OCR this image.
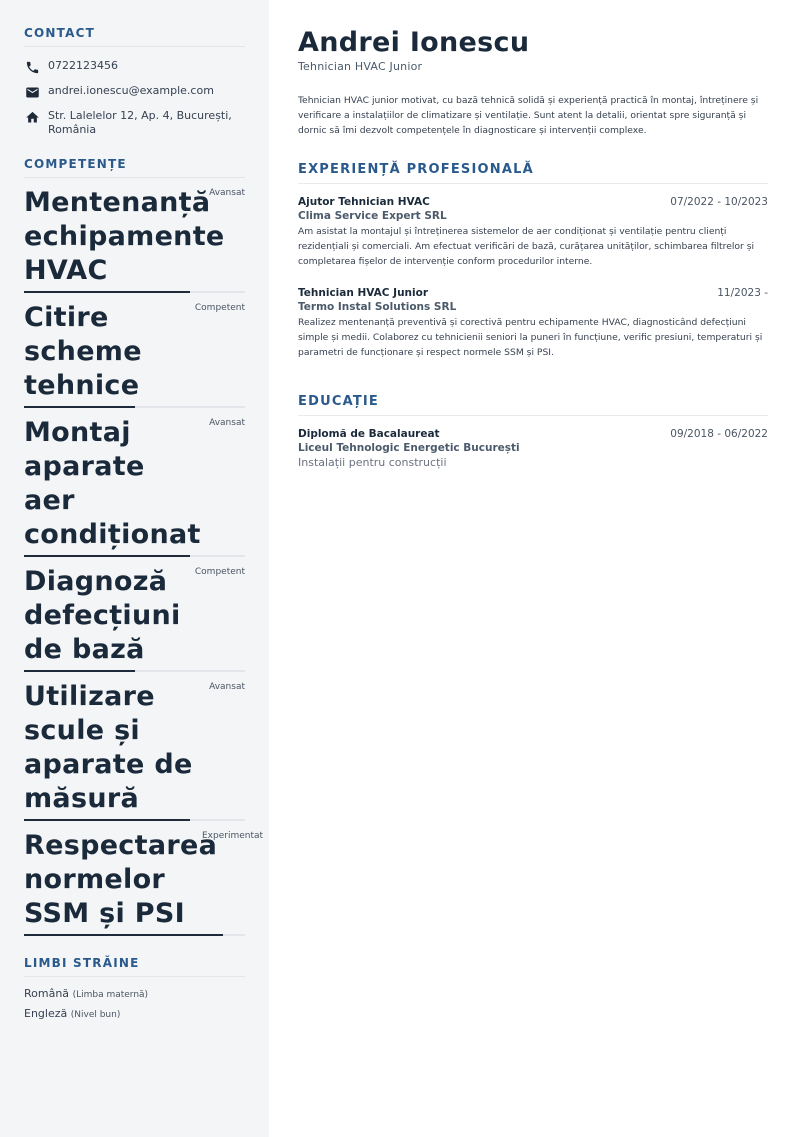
CONTACT
0722123456
andrei.ionescu@example.com
Str. Lalelelor 12, Ap. 4, București, România
COMPETENȚE
Mentenanță echipamente HVAC
Avansat
Citire scheme tehnice
Competent
Montaj aparate aer condiționat
Avansat
Diagnoză defecțiuni de bază
Competent
Utilizare scule și aparate de măsură
Avansat
Respectarea normelor SSM și PSI
Experimentat
LIMBI STRĂINE
Română (Limba maternă)
Engleză (Nivel bun)
Andrei Ionescu
Tehnician HVAC Junior
Tehnician HVAC junior motivat, cu bază tehnică solidă și experiență practică în montaj, întreținere și verificare a instalațiilor de climatizare și ventilație. Sunt atent la detalii, orientat spre siguranță și dornic să îmi dezvolt competențele în diagnosticare și intervenții complexe.
EXPERIENȚĂ PROFESIONALĂ
Ajutor Tehnician HVAC	07/2022 - 10/2023
Clima Service Expert SRL
Am asistat la montajul și întreținerea sistemelor de aer condiționat și ventilație pentru clienți rezidențiali și comerciali. Am efectuat verificări de bază, curățarea unităților, schimbarea filtrelor și completarea fișelor de intervenție conform procedurilor interne.
Tehnician HVAC Junior	11/2023 -
Termo Instal Solutions SRL
Realizez mentenanță preventivă și corectivă pentru echipamente HVAC, diagnosticând defecțiuni simple și medii. Colaborez cu tehnicienii seniori la punerі în funcțiune, verific presiuni, temperaturi și parametri de funcționare și respect normele SSM și PSI.
EDUCAȚIE
Diplomă de Bacalaureat	09/2018 - 06/2022
Liceul Tehnologic Energetic București
Instalații pentru construcții
